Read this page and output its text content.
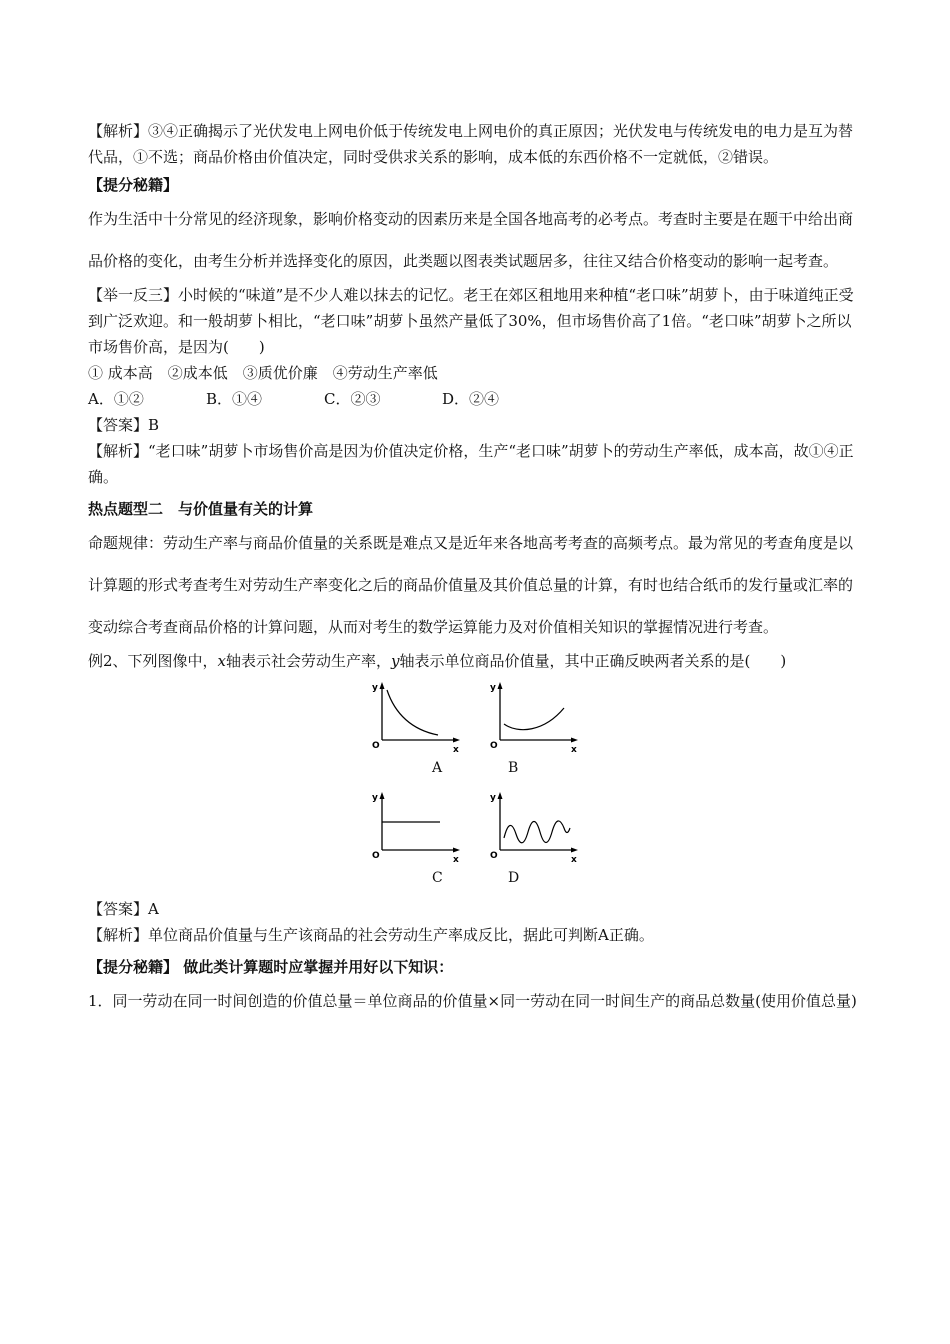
【解析】③④正确揭示了光伏发电上网电价低于传统发电上网电价的真正原因；光伏发电与传统发电的电力是互为替代品，①不选；商品价格由价值决定，同时受供求关系的影响，成本低的东西价格不一定就低，②错误。

【提分秘籍】

作为生活中十分常见的经济现象，影响价格变动的因素历来是全国各地高考的必考点。考查时主要是在题干中给出商品价格的变化，由考生分析并选择变化的原因，此类题以图表类试题居多，往往又结合价格变动的影响一起考查。

【举一反三】小时候的“味道”是不少人难以抹去的记忆。老王在郊区租地用来种植“老口味”胡萝卜，由于味道纯正受到广泛欢迎。和一般胡萝卜相比，“老口味”胡萝卜虽然产量低了30%，但市场售价高了1倍。“老口味”胡萝卜之所以市场售价高，是因为(　　)

① 成本高　②成本低　③质优价廉　④劳动生产率低

A．①②	B．①④	C．②③	D．②④

【答案】B

【解析】“老口味”胡萝卜市场售价高是因为价值决定价格，生产“老口味”胡萝卜的劳动生产率低，成本高，故①④正确。

热点题型二　与价值量有关的计算

命题规律：劳动生产率与商品价值量的关系既是难点又是近年来各地高考考查的高频考点。最为常见的考查角度是以计算题的形式考查考生对劳动生产率变化之后的商品价值量及其价值总量的计算，有时也结合纸币的发行量或汇率的变动综合考查商品价格的计算问题，从而对考生的数学运算能力及对价值相关知识的掌握情况进行考查。

例2、下列图像中，x轴表示社会劳动生产率，y轴表示单位商品价值量，其中正确反映两者关系的是(　　)

y
O	x
A
y
O	x
B
y
O	x
C
y
O	x
D

【答案】A

【解析】单位商品价值量与生产该商品的社会劳动生产率成反比，据此可判断A正确。

【提分秘籍】 做此类计算题时应掌握并用好以下知识：

1．同一劳动在同一时间创造的价值总量＝单位商品的价值量×同一劳动在同一时间生产的商品总数量(使用价值总量)
